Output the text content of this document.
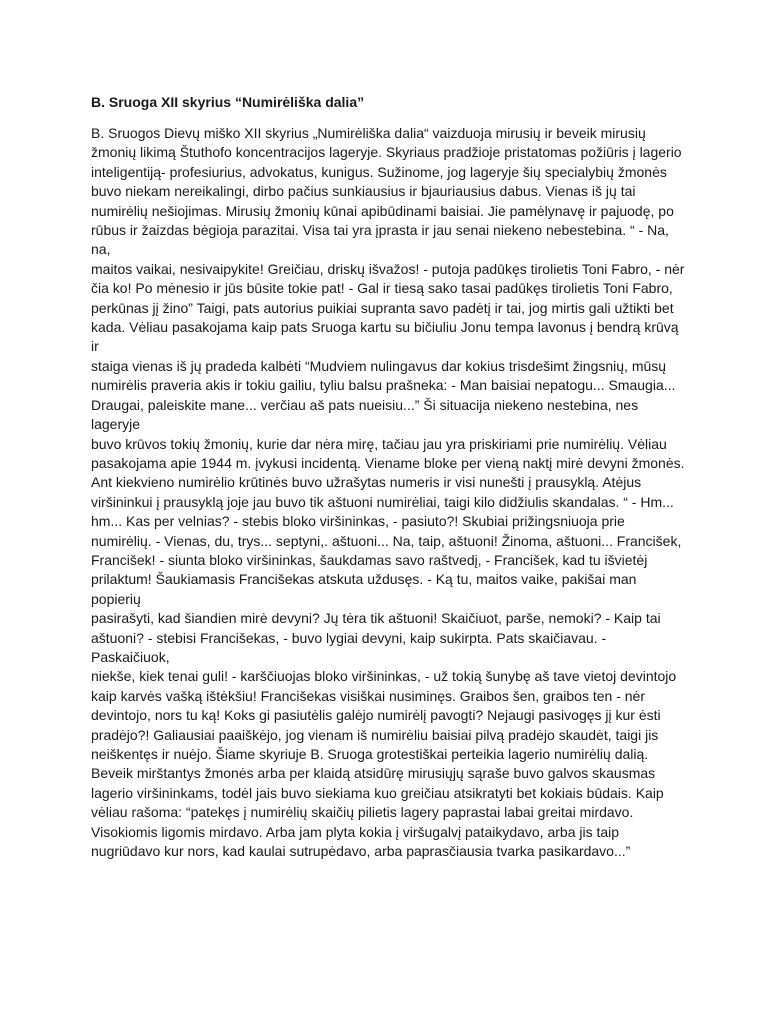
B. Sruoga XII skyrius “Numirėliška dalia”

B. Sruogos Dievų miško XII skyrius „Numirėliška dalia“ vaizduoja mirusių ir beveik mirusių
žmonių likimą Štuthofo koncentracijos lageryje. Skyriaus pradžioje pristatomas požiūris į lagerio
inteligentiją- profesiurius, advokatus, kunigus. Sužinome, jog lageryje šių specialybių žmonės
buvo niekam nereikalingi, dirbo pačius sunkiausius ir bjauriausius dabus. Vienas iš jų tai
numirėlių nešiojimas. Mirusių žmonių kūnai apibūdinami baisiai. Jie pamėlynavę ir pajuodę, po
rūbus ir žaizdas bėgioja parazitai. Visa tai yra įprasta ir jau senai niekeno nebestebina. “ - Na, na,
maitos vaikai, nesivaipykite! Greičiau, driskų išvažos! - putoja padūkęs tirolietis Toni Fabro, - nėr
čia ko! Po mėnesio ir jūs būsite tokie pat! - Gal ir tiesą sako tasai padūkęs tirolietis Toni Fabro,
perkūnas jį žino” Taigi, pats autorius puikiai supranta savo padėtį ir tai, jog mirtis gali užtikti bet
kada. Vėliau pasakojama kaip pats Sruoga kartu su bičiuliu Jonu tempa lavonus į bendrą krūvą ir
staiga vienas iš jų pradeda kalbėti “Mudviem nulingavus dar kokius trisdešimt žingsnių, mūsų
numirėlis praveria akis ir tokiu gailiu, tyliu balsu prašneka: - Man baisiai nepatogu... Smaugia...
Draugai, paleiskite mane... verčiau aš pats nueisiu...” Ši situacija niekeno nestebina, nes lageryje
buvo krūvos tokių žmonių, kurie dar nėra mirę, tačiau jau yra priskiriami prie numirėlių. Vėliau
pasakojama apie 1944 m. įvykusi incidentą. Viename bloke per vieną naktį mirė devyni žmonės.
Ant kiekvieno numirėlio krūtinės buvo užrašytas numeris ir visi nunešti į prausyklą. Atėjus
viršininkui į prausyklą joje jau buvo tik aštuoni numirėliai, taigi kilo didžiulis skandalas. “ - Hm...
hm... Kas per velnias? - stebis bloko viršininkas, - pasiuto?! Skubiai prižingsniuoja prie
numirėlių. - Vienas, du, trys... septyni,. aštuoni... Na, taip, aštuoni! Žinoma, aštuoni... Francišek,
Francišek! - siunta bloko viršininkas, šaukdamas savo raštvedį, - Francišek, kad tu išvietėj
prilaktum! Šaukiamasis Francišekas atskuta uždusęs. - Ką tu, maitos vaike, pakišai man popierių
pasirašyti, kad šiandien mirė devyni? Jų tėra tik aštuoni! Skaičiuot, parše, nemoki? - Kaip tai
aštuoni? - stebisi Francišekas, - buvo lygiai devyni, kaip sukirpta. Pats skaičiavau. - Paskaičiuok,
niekše, kiek tenai guli! - karščiuojas bloko viršininkas, - už tokią šunybę aš tave vietoj devintojo
kaip karvės vašką ištėkšiu! Francišekas visiškai nusiminęs. Graibos šen, graibos ten - nėr
devintojo, nors tu ką! Koks gi pasiutėlis galėjo numirėlį pavogti? Nejaugi pasivogęs jį kur ėsti
pradėjo?! Galiausiai paaiškėjo, jog vienam iš numirėliu baisiai pilvą pradėjo skaudėt, taigi jis
neiškentęs ir nuėjo. Šiame skyriuje B. Sruoga grotestiškai perteikia lagerio numirėlių dalią.
Beveik mirštantys žmonės arba per klaidą atsidūrę mirusiųjų sąraše buvo galvos skausmas
lagerio viršininkams, todėl jais buvo siekiama kuo greičiau atsikratyti bet kokiais būdais. Kaip
vėliau rašoma: “patekęs į numirėlių skaičių pilietis lagery paprastai labai greitai mirdavo.
Visokiomis ligomis mirdavo. Arba jam plyta kokia į viršugalvį pataikydavo, arba jis taip
nugriūdavo kur nors, kad kaulai sutrupėdavo, arba paprasčiausia tvarka pasikardavo...”
